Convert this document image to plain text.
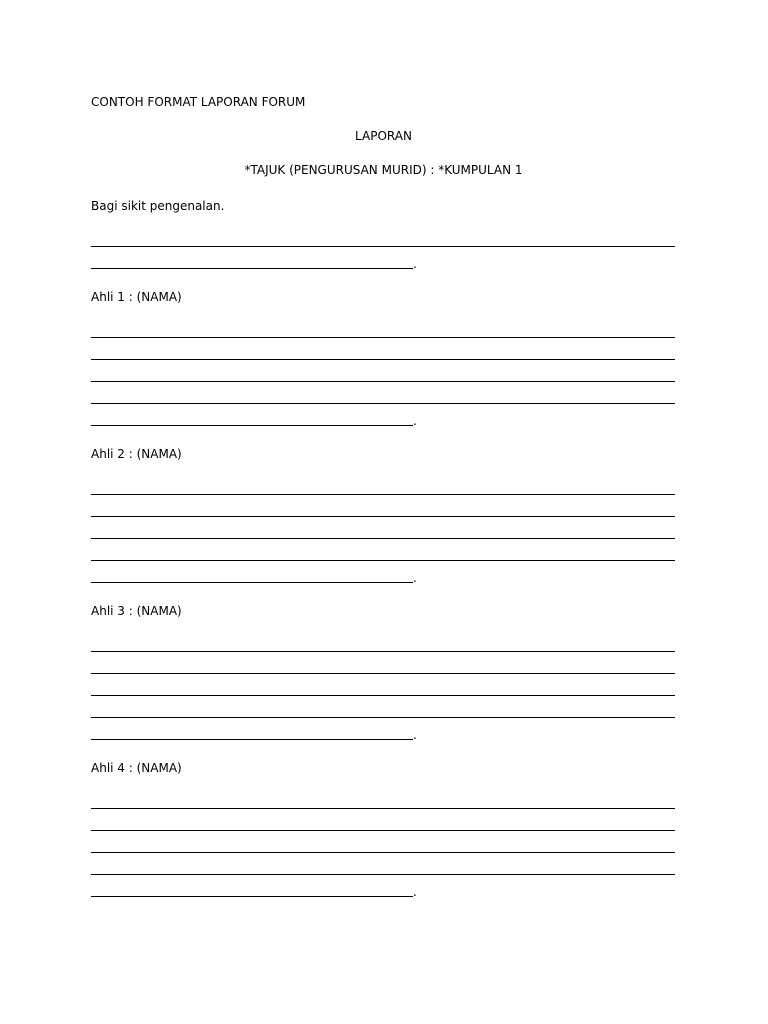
CONTOH FORMAT LAPORAN FORUM
LAPORAN
*TAJUK (PENGURUSAN MURID) : *KUMPULAN 1
Bagi sikit pengenalan.
.
Ahli 1 : (NAMA)
.
Ahli 2 : (NAMA)
.
Ahli 3 : (NAMA)
.
Ahli 4 : (NAMA)
.
